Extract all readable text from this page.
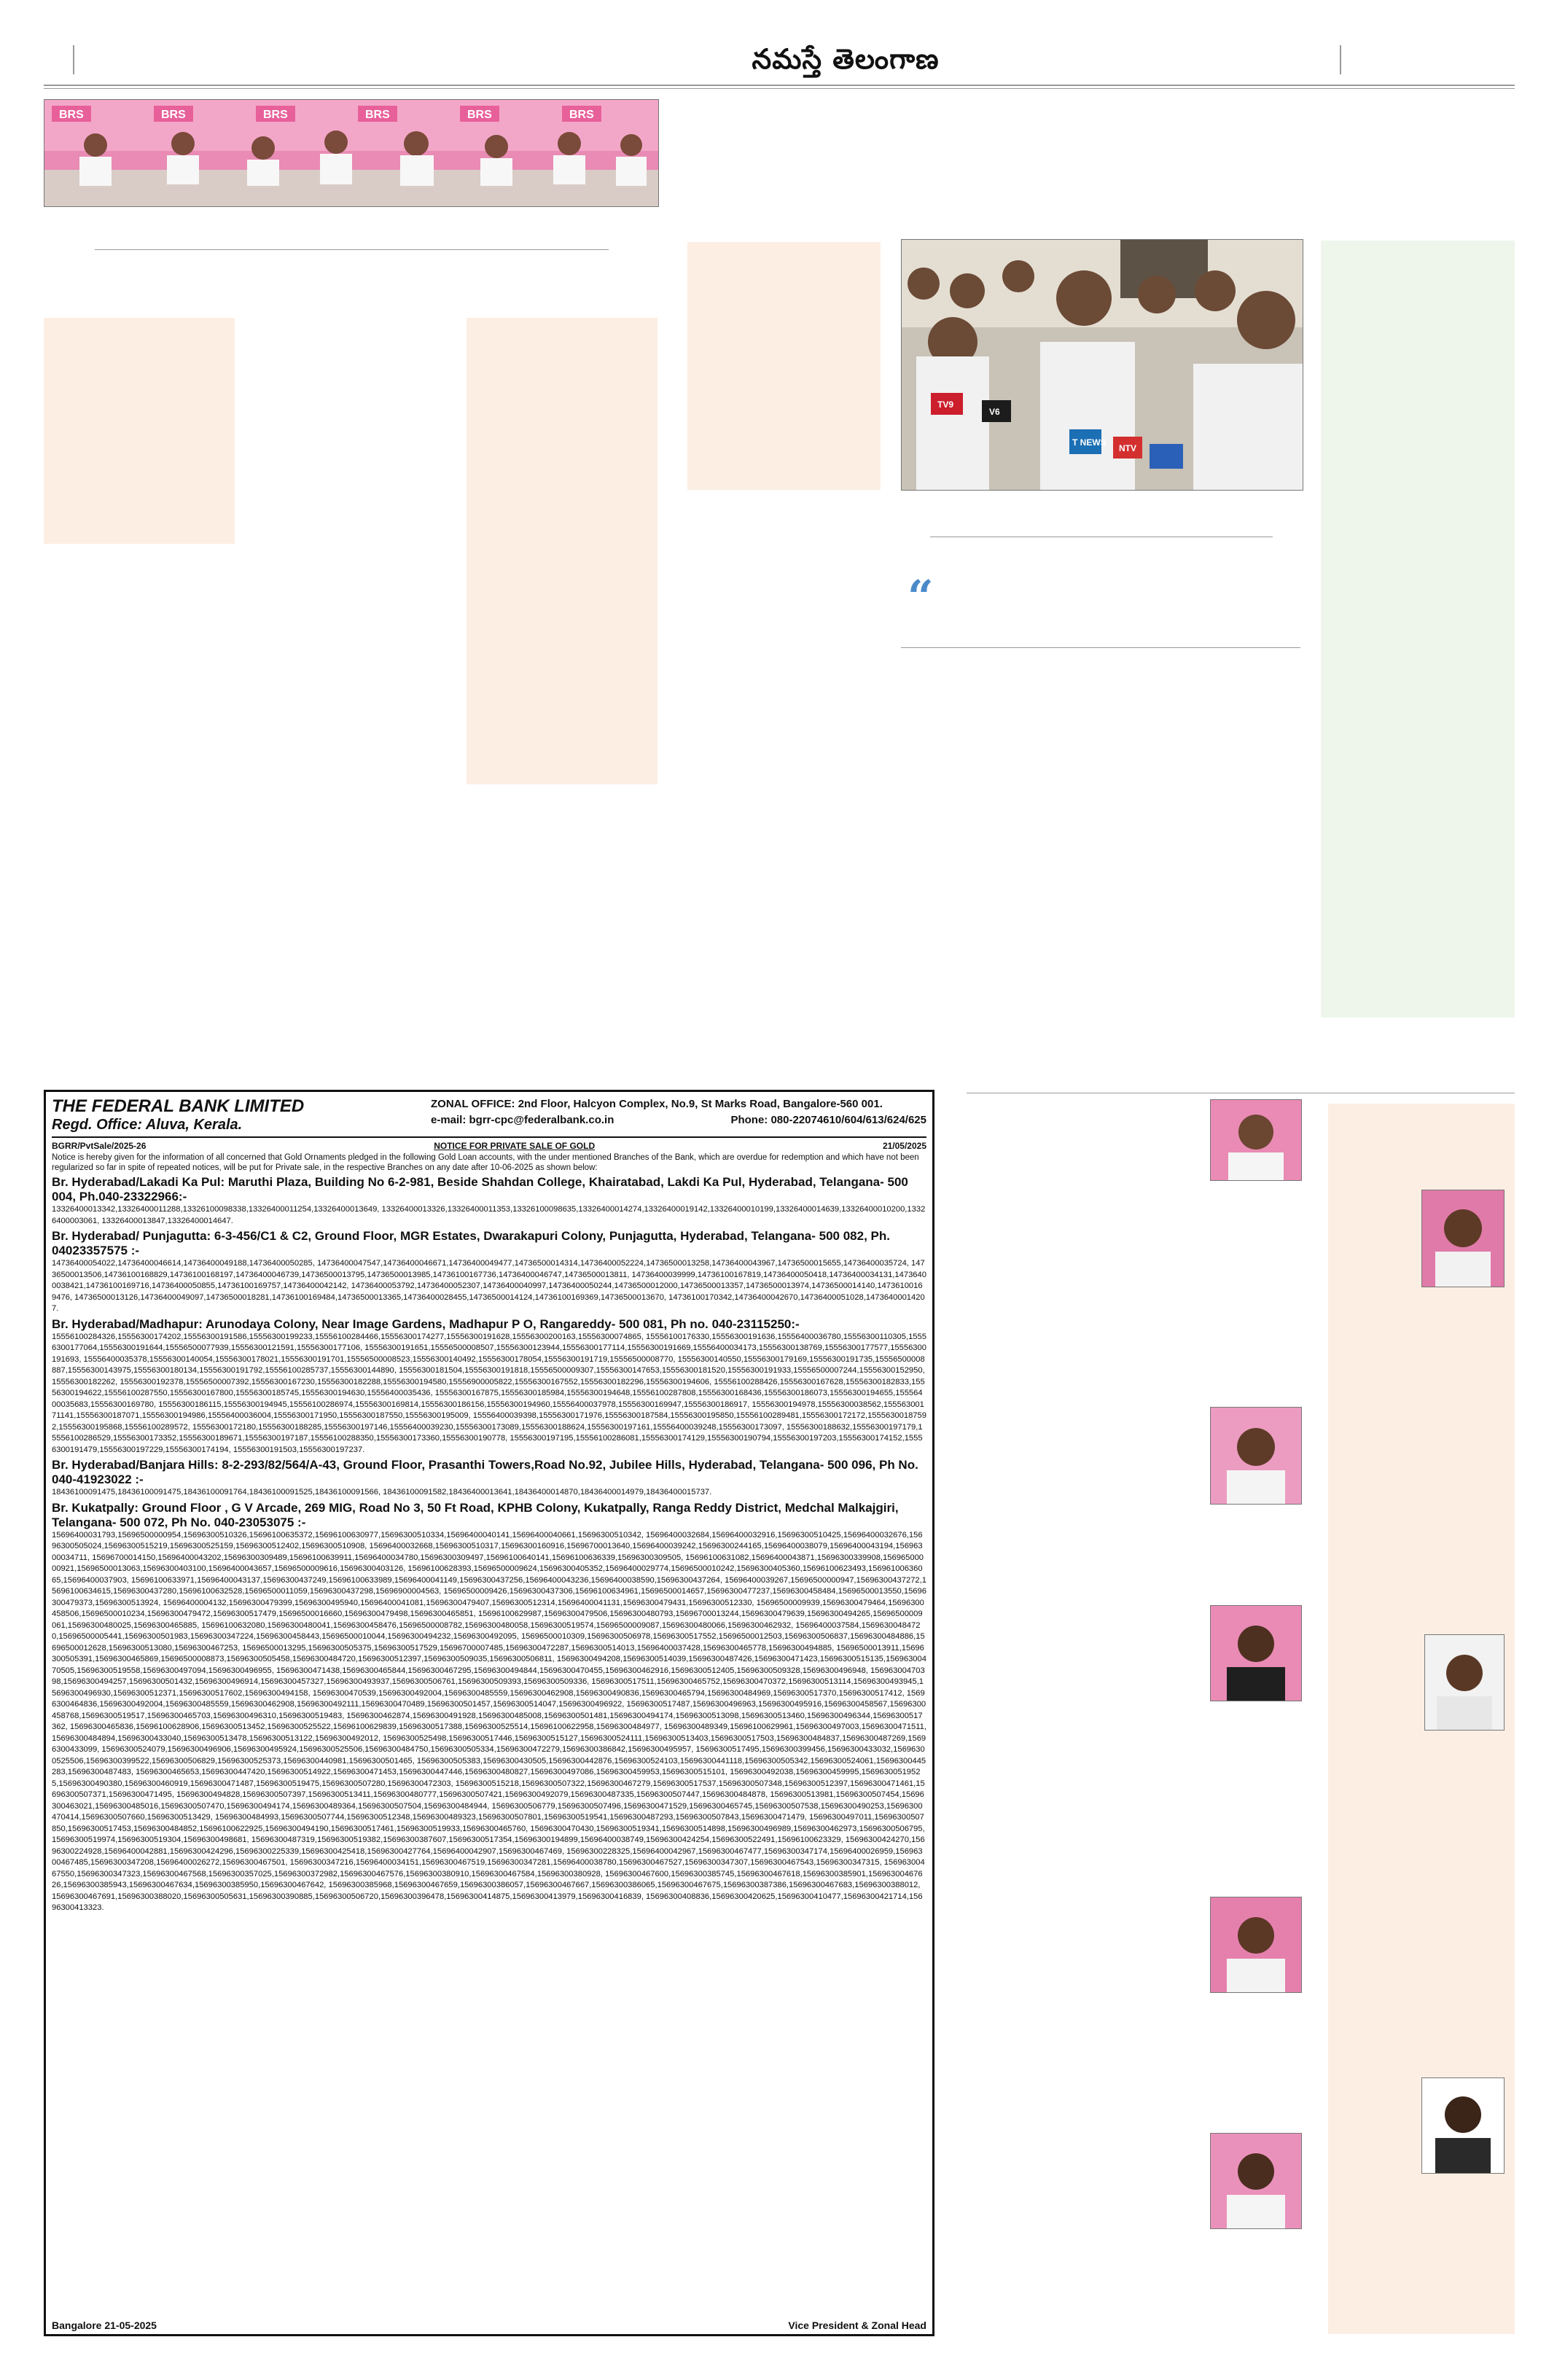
నమస్తే తెలంగాణ
BRS	BRS	BRS	BRS	BRS	BRS
TV9
V6
T NEWS
NTV
“
THE FEDERAL BANK LIMITED
Regd. Office: Aluva, Kerala.
ZONAL OFFICE: 2nd Floor, Halcyon Complex, No.9, St Marks Road, Bangalore-560 001.
e-mail: bgrr-cpc@federalbank.co.in	Phone: 080-22074610/604/613/624/625
BGRR/PvtSale/2025-26	NOTICE FOR PRIVATE SALE OF GOLD	21/05/2025
Notice is hereby given for the information of all concerned that Gold Ornaments pledged in the following Gold Loan accounts, with the under mentioned Branches of the Bank, which are overdue for redemption and which have not been regularized so far in spite of repeated notices, will be put for Private sale, in the respective Branches on any date after 10-06-2025 as shown below:
Br. Hyderabad/Lakadi Ka Pul: Maruthi Plaza, Building No 6-2-981, Beside Shahdan College, Khairatabad, Lakdi Ka Pul, Hyderabad, Telangana- 500 004, Ph.040-23322966:-
13326400013342,13326400011288,13326100098338,13326400011254,13326400013649, 13326400013326,13326400011353,13326100098635,13326400014274,13326400019142,13326400010199,13326400014639,13326400010200,13326400003061, 13326400013847,13326400014647.
Br. Hyderabad/ Punjagutta: 6-3-456/C1 & C2, Ground Floor, MGR Estates, Dwarakapuri Colony, Punjagutta, Hyderabad, Telangana- 500 082, Ph. 04023357575 :-
14736400054022,14736400046614,14736400049188,14736400050285, 14736400047547,14736400046671,14736400049477,14736500014314,14736400052224,14736500013258,14736400043967,14736500015655,14736400035724, 14736500013506,14736100168829,14736100168197,14736400046739,14736500013795,14736500013985,14736100167736,14736400046747,14736500013811, 14736400039999,14736100167819,14736400050418,14736400034131,14736400038421,14736100169716,14736400050855,14736100169757,14736400042142, 14736400053792,14736400052307,14736400040997,14736400050244,14736500012000,14736500013357,14736500013974,14736500014140,14736100169476, 14736500013126,14736400049097,14736500018281,14736100169484,14736500013365,14736400028455,14736500014124,14736100169369,14736500013670, 14736100170342,14736400042670,14736400051028,14736400014207.
Br. Hyderabad/Madhapur: Arunodaya Colony, Near Image Gardens, Madhapur P O, Rangareddy- 500 081, Ph no. 040-23115250:-
15556100284326,15556300174202,15556300191586,15556300199233,15556100284466,15556300174277,15556300191628,15556300200163,15556300074865, 15556100176330,15556300191636,15556400036780,15556300110305,15556300177064,15556300191644,15556500077939,15556300121591,15556300177106, 15556300191651,15556500008507,15556300123944,15556300177114,15556300191669,15556400034173,15556300138769,15556300177577,15556300191693, 15556400035378,15556300140054,15556300178021,15556300191701,15556500008523,15556300140492,15556300178054,15556300191719,15556500008770, 15556300140550,15556300179169,15556300191735,15556500008887,15556300143975,15556300180134,15556300191792,15556100285737,15556300144890, 15556300181504,15556300191818,15556500009307,15556300147653,15556300181520,15556300191933,15556500007244,15556300152950,15556300182262, 15556300192378,15556500007392,15556300167230,15556300182288,15556300194580,15556900005822,15556300167552,15556300182296,15556300194606, 15556100288426,15556300167628,15556300182833,15556300194622,15556100287550,15556300167800,15556300185745,15556300194630,15556400035436, 15556300167875,15556300185984,15556300194648,15556100287808,15556300168436,15556300186073,15556300194655,15556400035683,15556300169780, 15556300186115,15556300194945,15556100286974,15556300169814,15556300186156,15556300194960,15556400037978,15556300169947,15556300186917, 15556300194978,15556300038562,15556300171141,15556300187071,15556300194986,15556400036004,15556300171950,15556300187550,15556300195009, 15556400039398,15556300171976,15556300187584,15556300195850,15556100289481,15556300172172,15556300187592,15556300195868,15556100289572, 15556300172180,15556300188285,15556300197146,15556400039230,15556300173089,15556300188624,15556300197161,15556400039248,15556300173097, 15556300188632,15556300197179,15556100286529,15556300173352,15556300189671,15556300197187,15556100288350,15556300173360,15556300190778, 15556300197195,15556100286081,15556300174129,15556300190794,15556300197203,15556300174152,15556300191479,15556300197229,15556300174194, 15556300191503,15556300197237.
Br. Hyderabad/Banjara Hills: 8-2-293/82/564/A-43, Ground Floor, Prasanthi Towers,Road No.92, Jubilee Hills, Hyderabad, Telangana- 500 096, Ph No. 040-41923022 :-
18436100091475,18436100091475,18436100091764,18436100091525,18436100091566, 18436100091582,18436400013641,18436400014870,18436400014979,18436400015737.
Br. Kukatpally: Ground Floor , G V Arcade, 269 MIG, Road No 3, 50 Ft Road, KPHB Colony, Kukatpally, Ranga Reddy District, Medchal Malkajgiri, Telangana- 500 072, Ph No. 040-23053075 :-
15696400031793,15696500000954,15696300510326,15696100635372,15696100630977,15696300510334,15696400040141,15696400040661,15696300510342, 15696400032684,15696400032916,15696300510425,15696400032676,15696300505024,15696300515219,15696300525159,15696300512402,15696300510908, 15696400032668,15696300510317,15696300160916,15696700013640,15696400039242,15696300244165,15696400038079,15696400043194,15696300034711, 15696700014150,15696400043202,15696300309489,15696100639911,15696400034780,15696300309497,15696100640141,15696100636339,15696300309505, 15696100631082,15696400043871,15696300339908,15696500000921,15696500013063,15696300403100,15696400043657,15696500009616,15696300403126, 15696100628393,15696500009624,15696300405352,15696400029774,15696500010242,15696300405360,15696100623493,15696100636065,15696400037903, 15696100633971,15696400043137,15696300437249,15696100633989,15696400041149,15696300437256,15696400043236,15696400038590,15696300437264, 15696400039267,15696500000947,15696300437272,15696100634615,15696300437280,15696100632528,15696500011059,15696300437298,15696900004563, 15696500009426,15696300437306,15696100634961,15696500014657,15696300477237,15696300458484,15696500013550,15696300479373,15696300513924, 15696400004132,15696300479399,15696300495940,15696400041081,15696300479407,15696300512314,15696400041131,15696300479431,15696300512330, 15696500009939,15696300479464,15696300458506,15696500010234,15696300479472,15696300517479,15696500016660,15696300479498,15696300465851, 15696100629987,15696300479506,15696300480793,15696700013244,15696300479639,15696300494265,15696500009061,15696300480025,15696300465885, 15696100632080,15696300480041,15696300458476,15696500008782,15696300480058,15696300519574,15696500009087,15696300480066,15696300462932, 15696400037584,15696300484720,15696500005441,15696300501983,15696300347224,15696300458443,15696500010044,15696300494232,15696300492095, 15696500010309,15696300506978,15696300517552,15696500012503,15696300506837,15696300484886,15696500012628,15696300513080,15696300467253, 15696500013295,15696300505375,15696300517529,15696700007485,15696300472287,15696300514013,15696400037428,15696300465778,15696300494885, 15696500013911,15696300505391,15696300465869,15696500008873,15696300505458,15696300484720,15696300512397,15696300509035,15696300506811, 15696300494208,15696300514039,15696300487426,15696300471423,15696300515135,15696300470505,15696300519558,15696300497094,15696300496955, 15696300471438,15696300465844,15696300467295,15696300494844,15696300470455,15696300462916,15696300512405,15696300509328,15696300496948, 15696300470398,15696300494257,15696300501432,15696300496914,15696300457327,15696300493937,15696300506761,15696300509393,15696300509336, 15696300517511,15696300465752,15696300470372,15696300513114,15696300493945,15696300496930,15696300512371,15696300517602,15696300494158, 15696300470539,15696300492004,15696300485559,15696300462908,15696300490836,15696300465794,15696300484969,15696300517370,15696300517412, 15696300464836,15696300492004,15696300485559,15696300462908,15696300492111,15696300470489,15696300501457,15696300514047,15696300496922, 15696300517487,15696300496963,15696300495916,15696300458567,15696300458768,15696300519517,15696300465703,15696300496310,15696300519483, 15696300462874,15696300491928,15696300485008,15696300501481,15696300494174,15696300513098,15696300513460,15696300496344,15696300517362, 15696300465836,15696100628906,15696300513452,15696300525522,15696100629839,15696300517388,15696300525514,15696100622958,15696300484977, 15696300489349,15696100629961,15696300497003,15696300471511,15696300484894,15696300433040,15696300513478,15696300513122,15696300492012, 15696300525498,15696300517446,15696300515127,15696300524111,15696300513403,15696300517503,15696300484837,15696300487269,15696300433099, 15696300524079,15696300496906,15696300495924,15696300525506,15696300484750,15696300505334,15696300472279,15696300386842,15696300495957, 15696300517495,15696300399456,15696300433032,15696300525506,15696300399522,15696300506829,15696300525373,15696300440981,15696300501465, 15696300505383,15696300430505,15696300442876,15696300524103,15696300441118,15696300505342,15696300524061,15696300445283,15696300487483, 15696300465653,15696300447420,15696300514922,15696300471453,15696300447446,15696300480827,15696300497086,15696300459953,15696300515101, 15696300492038,15696300459995,15696300519525,15696300490380,15696300460919,15696300471487,15696300519475,15696300507280,15696300472303, 15696300515218,15696300507322,15696300467279,15696300517537,15696300507348,15696300512397,15696300471461,15696300507371,15696300471495, 15696300494828,15696300507397,15696300513411,15696300480777,15696300507421,15696300492079,15696300487335,15696300507447,15696300484878, 15696300513981,15696300507454,15696300463021,15696300485016,15696300507470,15696300494174,15696300489364,15696300507504,15696300484944, 15696300506779,15696300507496,15696300471529,15696300465745,15696300507538,15696300490253,15696300470414,15696300507660,15696300513429, 15696300484993,15696300507744,15696300512348,15696300489323,15696300507801,15696300519541,15696300487293,15696300507843,15696300471479, 15696300497011,15696300507850,15696300517453,15696300484852,15696100622925,15696300494190,15696300517461,15696300519933,15696300465760, 15696300470430,15696300519341,15696300514898,15696300496989,15696300462973,15696300506795,15696300519974,15696300519304,15696300498681, 15696300487319,15696300519382,15696300387607,15696300517354,15696300194899,15696400038749,15696300424254,15696300522491,15696100623329, 15696300424270,15696300224928,15696400042881,15696300424296,15696300225339,15696300425418,15696300427764,15696400042907,15696300467469, 15696300228325,15696400042967,15696300467477,15696300347174,15696400026959,15696300467485,15696300347208,15696400026272,15696300467501, 15696300347216,15696400034151,15696300467519,15696300347281,15696400038780,15696300467527,15696300347307,15696300467543,15696300347315, 15696300467550,15696300347323,15696300467568,15696300357025,15696300372982,15696300467576,15696300380910,15696300467584,15696300380928, 15696300467600,15696300385745,15696300467618,15696300385901,15696300467626,15696300385943,15696300467634,15696300385950,15696300467642, 15696300385968,15696300467659,15696300386057,15696300467667,15696300386065,15696300467675,15696300387386,15696300467683,15696300388012, 15696300467691,15696300388020,15696300505631,15696300390885,15696300506720,15696300396478,15696300414875,15696300413979,15696300416839, 15696300408836,15696300420625,15696300410477,15696300421714,15696300413323.
Bangalore 21-05-2025	Vice President & Zonal Head
